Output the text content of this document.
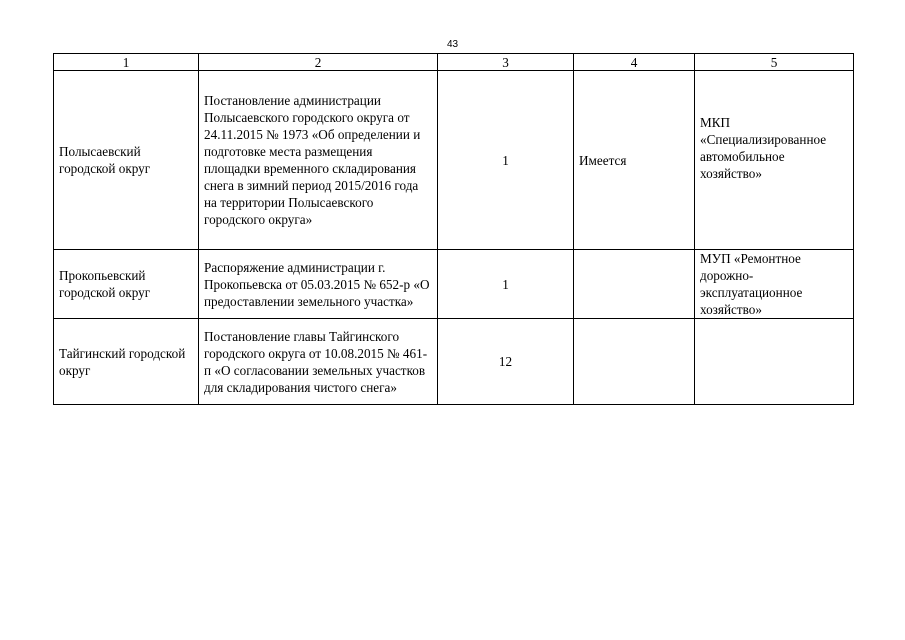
43
1	2	3	4	5
Полысаевский городской округ	Постановление администрации Полысаевского городского округа от 24.11.2015 № 1973 «Об определении и подготовке места размещения площадки временного складирования снега в зимний период 2015/2016 года на территории Полысаевского городского округа»	1	Имеется	МКП «Специализированное автомобильное хозяйство»
Прокопьевский городской округ	Распоряжение администрации г. Прокопьевска от 05.03.2015 № 652-р «О предоставлении земельного участка»	1		МУП «Ремонтное дорожно-эксплуатационное хозяйство»
Тайгинский городской округ	Постановление главы Тайгинского городского округа от 10.08.2015 № 461-п «О согласовании земельных участков для складирования чистого снега»	12		
